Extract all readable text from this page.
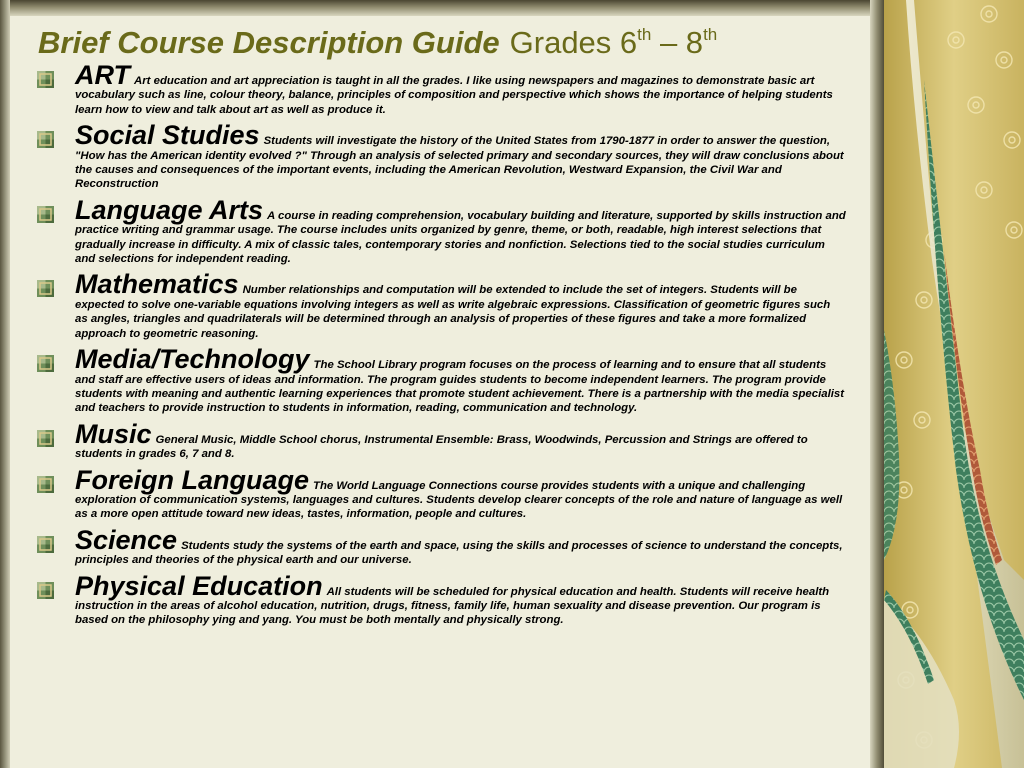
Brief Course Description Guide Grades 6th – 8th
ART Art education and art appreciation is taught in all the grades. I like using newspapers and magazines to demonstrate basic art vocabulary such as line, colour theory, balance, principles of composition and perspective which shows the importance of helping students learn how to view and talk about art as well as produce it.
Social Studies Students will investigate the history of the United States from 1790-1877 in order to answer the question, "How has the American identity evolved ?" Through an analysis of selected primary and secondary sources, they will draw conclusions about the causes and consequences of the important events, including the American Revolution, Westward Expansion, the Civil War and Reconstruction
Language Arts A course in reading comprehension, vocabulary building and literature, supported by skills instruction and practice writing and grammar usage. The course includes units organized by genre, theme, or both, readable, high interest selections that gradually increase in difficulty. A mix of classic tales, contemporary stories and nonfiction. Selections tied to the social studies curriculum and selections for independent reading.
Mathematics Number relationships and computation will be extended to include the set of integers. Students will be expected to solve one-variable equations involving integers as well as write algebraic expressions. Classification of geometric figures such as angles, triangles and quadrilaterals will be determined through an analysis of properties of these figures and take a more formalized approach to geometric reasoning.
Media/Technology The School Library program focuses on the process of learning and to ensure that all students and staff are effective users of ideas and information. The program guides students to become independent learners. The program provide students with meaning and authentic learning experiences that promote student achievement. There is a partnership with the media specialist and teachers to provide instruction to students in information, reading, communication and technology.
Music General Music, Middle School chorus, Instrumental Ensemble: Brass, Woodwinds, Percussion and Strings are offered to students in grades 6, 7 and 8.
Foreign Language The World Language Connections course provides students with a unique and challenging exploration of communication systems, languages and cultures. Students develop clearer concepts of the role and nature of language as well as a more open attitude toward new ideas, tastes, information, people and cultures.
Science Students study the systems of the earth and space, using the skills and processes of science to understand the concepts, principles and theories of the physical earth and our universe.
Physical Education All students will be scheduled for physical education and health. Students will receive health instruction in the areas of alcohol education, nutrition, drugs, fitness, family life, human sexuality and disease prevention. Our program is based on the philosophy ying and yang. You must be both mentally and physically strong.
